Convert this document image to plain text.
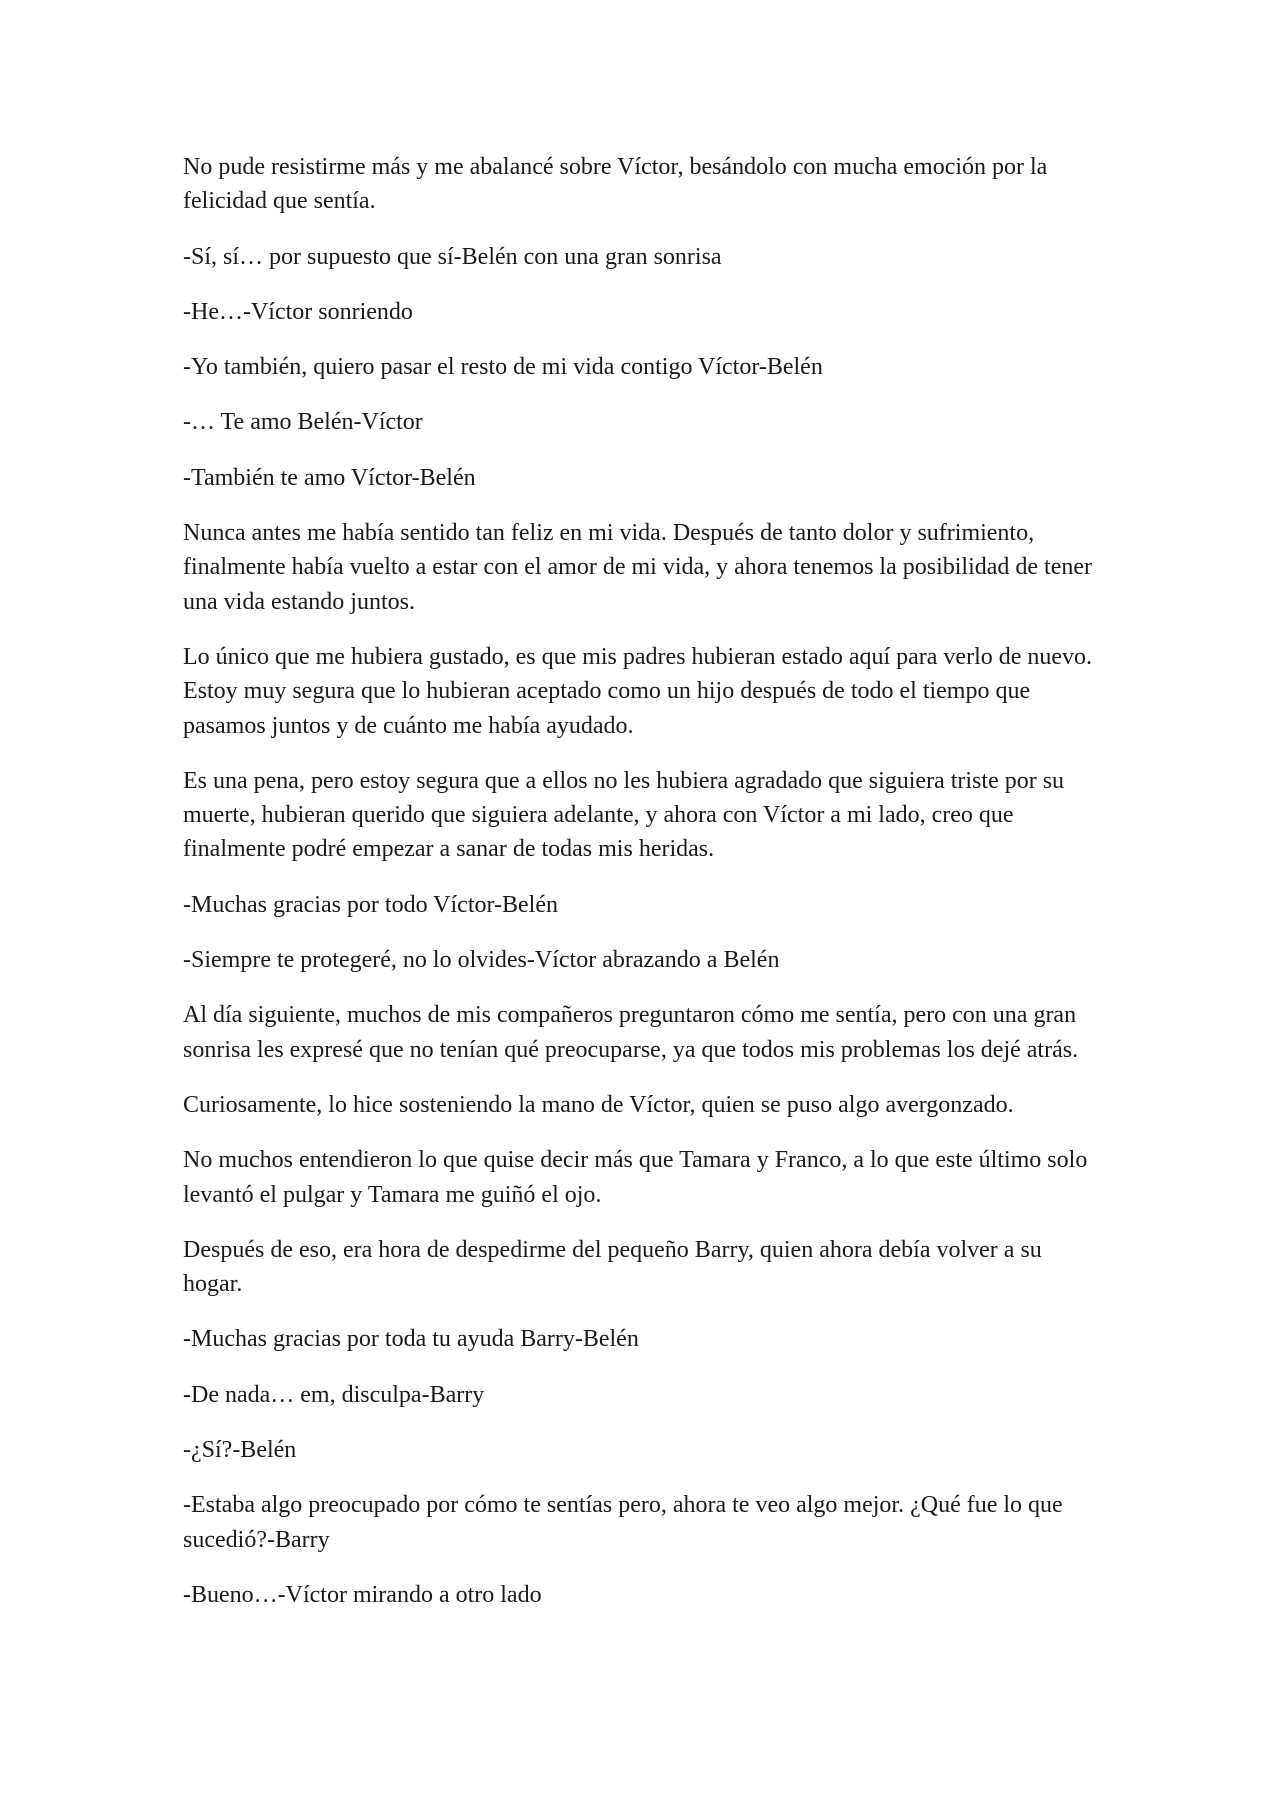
No pude resistirme más y me abalancé sobre Víctor, besándolo con mucha emoción por la felicidad que sentía.

-Sí, sí… por supuesto que sí-Belén con una gran sonrisa

-He…-Víctor sonriendo

-Yo también, quiero pasar el resto de mi vida contigo Víctor-Belén

-… Te amo Belén-Víctor

-También te amo Víctor-Belén

Nunca antes me había sentido tan feliz en mi vida. Después de tanto dolor y sufrimiento, finalmente había vuelto a estar con el amor de mi vida, y ahora tenemos la posibilidad de tener una vida estando juntos.

Lo único que me hubiera gustado, es que mis padres hubieran estado aquí para verlo de nuevo. Estoy muy segura que lo hubieran aceptado como un hijo después de todo el tiempo que pasamos juntos y de cuánto me había ayudado.

Es una pena, pero estoy segura que a ellos no les hubiera agradado que siguiera triste por su muerte, hubieran querido que siguiera adelante, y ahora con Víctor a mi lado, creo que finalmente podré empezar a sanar de todas mis heridas.

-Muchas gracias por todo Víctor-Belén

-Siempre te protegeré, no lo olvides-Víctor abrazando a Belén

Al día siguiente, muchos de mis compañeros preguntaron cómo me sentía, pero con una gran sonrisa les expresé que no tenían qué preocuparse, ya que todos mis problemas los dejé atrás.

Curiosamente, lo hice sosteniendo la mano de Víctor, quien se puso algo avergonzado.

No muchos entendieron lo que quise decir más que Tamara y Franco, a lo que este último solo levantó el pulgar y Tamara me guiñó el ojo.

Después de eso, era hora de despedirme del pequeño Barry, quien ahora debía volver a su hogar.

-Muchas gracias por toda tu ayuda Barry-Belén

-De nada… em, disculpa-Barry

-¿Sí?-Belén

-Estaba algo preocupado por cómo te sentías pero, ahora te veo algo mejor. ¿Qué fue lo que sucedió?-Barry

-Bueno…-Víctor mirando a otro lado
